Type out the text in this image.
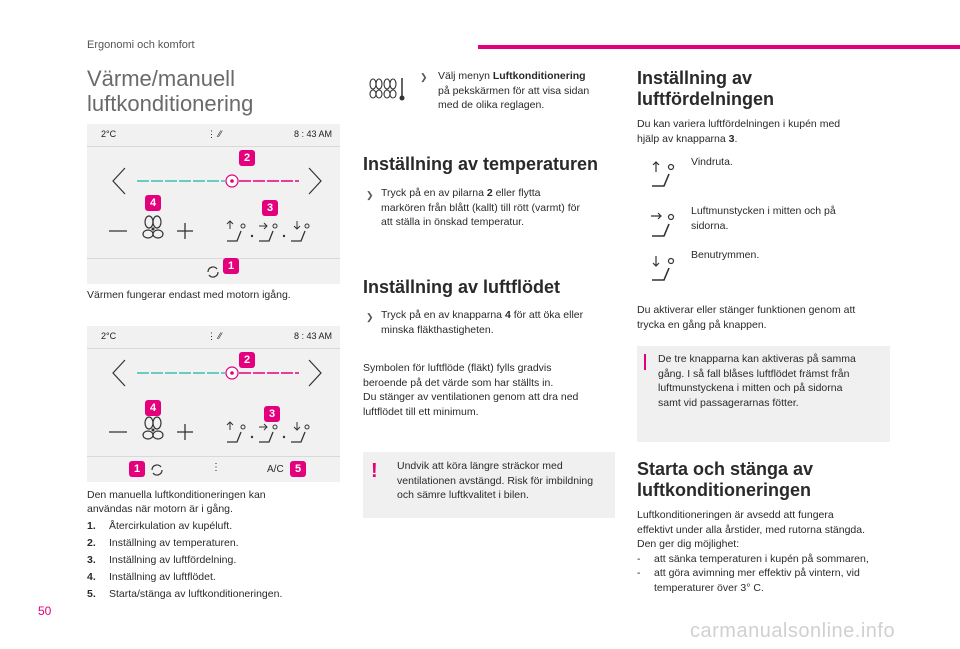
Ergonomi och komfort
Värme/manuell
luftkonditionering
2°C	⋮ ⁄⁄	8 : 43 AM
2
4	3
1
Värmen fungerar endast med motorn igång.
2°C	⋮ ⁄⁄	8 : 43 AM
⋮	A/C
2
4	3
1	5
Den manuella luftkonditioneringen kan
användas när motorn är i gång.
1. Återcirkulation av kupéluft.
2. Inställning av temperaturen.
3. Inställning av luftfördelning.
4. Inställning av luftflödet.
5. Starta/stänga av luftkonditioneringen.
❯ Välj menyn Luftkonditionering
på pekskärmen för att visa sidan
med de olika reglagen.
Inställning av temperaturen
❯ Tryck på en av pilarna 2 eller flytta
markören från blått (kallt) till rött (varmt) för
att ställa in önskad temperatur.
Inställning av luftflödet
❯ Tryck på en av knapparna 4 för att öka eller
minska fläkthastigheten.
Symbolen för luftflöde (fläkt) fylls gradvis
beroende på det värde som har ställts in.
Du stänger av ventilationen genom att dra ned
luftflödet till ett minimum.
! Undvik att köra längre sträckor med
ventilationen avstängd. Risk för imbildning
och sämre luftkvalitet i bilen.
Inställning av
luftfördelningen
Du kan variera luftfördelningen i kupén med
hjälp av knapparna 3.
Vindruta.
Luftmunstycken i mitten och på
sidorna.
Benutrymmen.
Du aktiverar eller stänger funktionen genom att
trycka en gång på knappen.
De tre knapparna kan aktiveras på samma
gång. I så fall blåses luftflödet främst från
luftmunstyckena i mitten och på sidorna
samt vid passagerarnas fötter.
Starta och stänga av
luftkonditioneringen
Luftkonditioneringen är avsedd att fungera
effektivt under alla årstider, med rutorna stängda.
Den ger dig möjlighet:
- att sänka temperaturen i kupén på sommaren,
- att göra avimning mer effektiv på vintern, vid
temperaturer över 3° C.
50
carmanualsonline.info
